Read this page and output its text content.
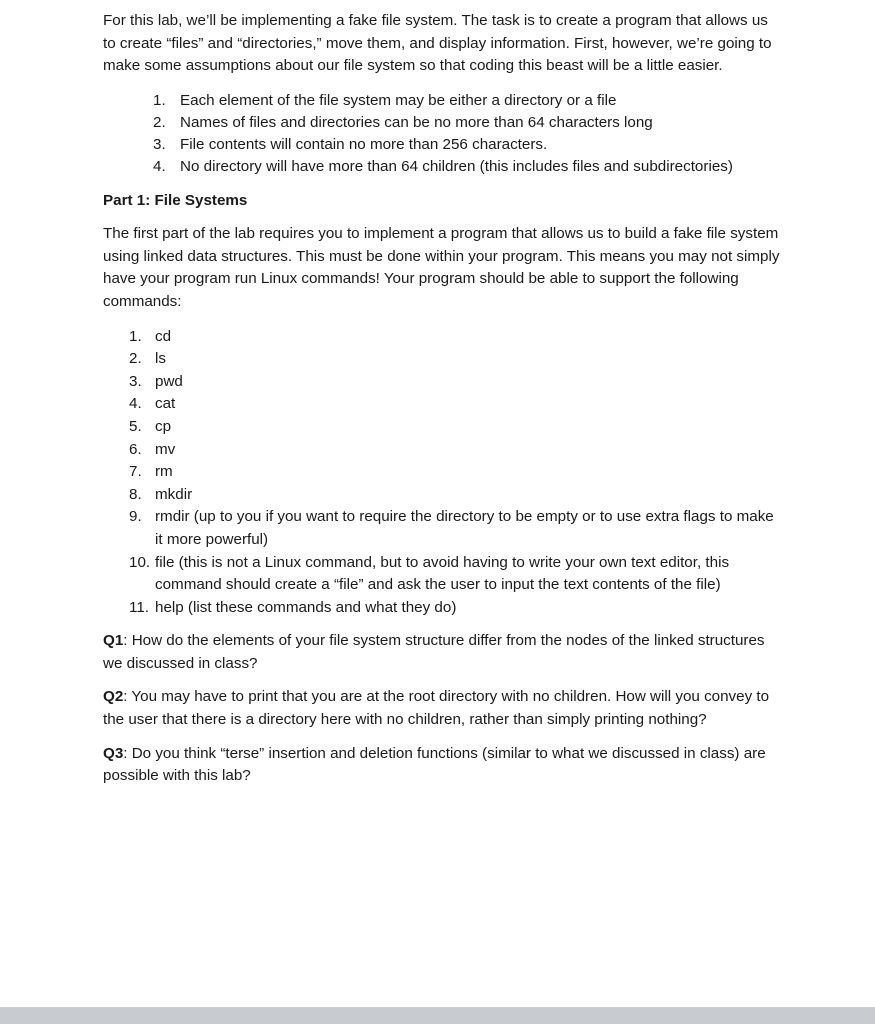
For this lab, we’ll be implementing a fake file system. The task is to create a program that allows us to create “files” and “directories,” move them, and display information. First, however, we’re going to make some assumptions about our file system so that coding this beast will be a little easier.

1. Each element of the file system may be either a directory or a file
2. Names of files and directories can be no more than 64 characters long
3. File contents will contain no more than 256 characters.
4. No directory will have more than 64 children (this includes files and subdirectories)

Part 1: File Systems

The first part of the lab requires you to implement a program that allows us to build a fake file system using linked data structures. This must be done within your program. This means you may not simply have your program run Linux commands! Your program should be able to support the following commands:

1. cd
2. ls
3. pwd
4. cat
5. cp
6. mv
7. rm
8. mkdir
9. rmdir (up to you if you want to require the directory to be empty or to use extra flags to make it more powerful)
10. file (this is not a Linux command, but to avoid having to write your own text editor, this command should create a “file” and ask the user to input the text contents of the file)
11. help (list these commands and what they do)

Q1: How do the elements of your file system structure differ from the nodes of the linked structures we discussed in class?

Q2: You may have to print that you are at the root directory with no children. How will you convey to the user that there is a directory here with no children, rather than simply printing nothing?

Q3: Do you think “terse” insertion and deletion functions (similar to what we discussed in class) are possible with this lab?
